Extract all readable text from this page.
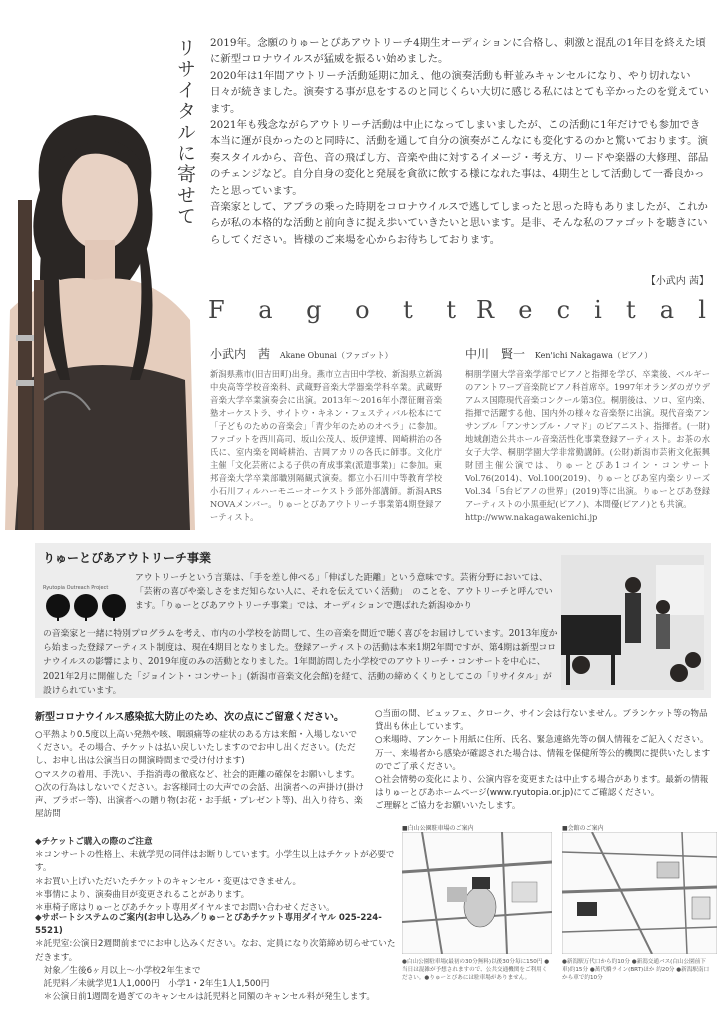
リサイタルに寄せて 2019年。念願のりゅーとぴあアウトリーチ4期生オーディションに合格し、刺激と混乱の1年目を終えた頃に新型コロナウイルスが猛威を振るい始めました。

2020年は1年間アウトリーチ活動延期に加え、他の演奏活動も軒並みキャンセルになり、やり切れない日々が続きました。演奏する事が息をするのと同じくらい大切に感じる私にはとても辛かったのを覚えています。

2021年も残念ながらアウトリーチ活動は中止になってしまいましたが、この活動に1年だけでも参加でき本当に運が良かったのと同時に、活動を通して自分の演奏がこんなにも変化するのかと驚いております。演奏スタイルから、音色、音の飛ばし方、音楽や曲に対するイメージ・考え方、リードや楽器の大修理、部品のチェンジなど。自分自身の変化と発展を貪欲に飲する様になれた事は、4期生として活動して一番良かったと思っています。

音楽家として、アブラの乗った時期をコロナウイルスで逃してしまったと思った時もありましたが、これからが私の本格的な活動と前向きに捉え歩いていきたいと思います。是非、そんな私のファゴットを聴きにいらしてください。皆様のご来場を心からお待ちしております。

【小武内 茜】
F a g o t t R e c i t a l
小武内　茜 Akane Obunai（ファゴット）
新潟県燕市(旧吉田町)出身。燕市立吉田中学校、新潟県立新潟中央高等学校音楽科、武蔵野音楽大学器楽学科卒業。武蔵野音楽大学卒業演奏会に出演。2013年〜2016年小澤征爾音楽塾オーケストラ、サイトウ・キネン・フェスティバル松本にて「子どものための音楽会」「青少年のためのオペラ」に参加。ファゴットを西川高司、坂山公茂人、坂伊達博、岡崎耕治の各氏に、室内楽を岡崎耕治、吉岡アカリの各氏に師事。文化庁主催「文化芸術による子供の育成事業(派遣事業)」に参加。東邦音楽大学卒業部職別隔観式演奏。都立小石川中等教育学校小石川フィルハーモニーオーケストラ部外部講師。新潟ARS NOVAメンバー。りゅーとぴあアウトリーチ事業第4期登録アーティスト。
中川　賢一 Ken'ichi Nakagawa（ピアノ）
桐朋学園大学音楽学部でピアノと指揮を学び、卒業後、ベルギーのアントワープ音楽院ピアノ科首席卒。1997年オランダのガウデアムス国際現代音楽コンクール第3位。桐朋後は、ソロ、室内楽、指揮で活躍する他、国内外の様々な音楽祭に出演。現代音楽アンサンブル「アンサンブル・ノマド」のピアニスト、指揮者。(一財)地域創造公共ホール音楽活性化事業登録アーティスト。お茶の水女子大学、桐朋学園大学非常勤講師。(公財)新潟市芸術文化振興財団主催公演では、りゅーとぴあ1コイン・コンサートVol.76(2014)、Vol.100(2019)、りゅーとぴあ室内楽シリーズVol.34「5台ピアノの世界」(2019)等に出演。りゅーとぴあ登録アーティストの小黒亜紀(ピアノ)、本間優(ピアノ)とも共演。
http://www.nakagawakenichi.jp
りゅーとぴあアウトリーチ事業
Ryutopia Outreach Project
アウトリーチという言葉は、「手を差し伸べる」「伸ばした距離」という意味です。芸術分野においては、「芸術の喜びや楽しさをまだ知らない人に、それを伝えていく活動」　のことを、アウトリーチと呼んでいます。「りゅーとぴあアウトリーチ事業」では、オーディションで選ばれた新潟ゆかり
の音楽家と一緒に特別プログラムを考え、市内の小学校を訪問して、生の音楽を間近で聴く喜びをお届けしています。2013年度から始まった登録アーティスト制度は、現在4期目となりました。登録アーティストの活動は本来1期2年間ですが、第4期は新型コロナウイルスの影響により、2019年度のみの活動となりました。1年間訪問した小学校でのアウトリーチ・コンサートを中心に、2021年2月に開催した「ジョイント・コンサート」(新潟市音楽文化会館)を経て、活動の締めくくりとしてこの「リサイタル」が設けられています。
新型コロナウイルス感染拡大防止のため、次の点にご留意ください。
○平熱より0.5度以上高い発熱や咳、咽頭痛等の症状のある方は来館・入場しないでください。その場合、チケットは払い戻しいたしますのでお申し出ください。(ただし、お申し出は公演当日の開演時間まで受け付けます)
○マスクの着用、手洗い、手指消毒の徹底など、社会的距離の確保をお願いします。
○次の行為はしないでください。お客様同士の大声での会話、出演者への声掛け(掛け声、ブラボー等)、出演者への贈り物(お花・お手紙・プレゼント等)、出入り待ち、楽屋訪問
○当面の間、ビュッフェ、クローク、サイン会は行ないません。ブランケット等の物品貸出も休止しています。
○来場時、アンケート用紙に住所、氏名、緊急連絡先等の個人情報をご記入ください。万一、来場者から感染が確認された場合は、情報を保健所等公的機関に提供いたしますのでご了承ください。
○社会情勢の変化により、公演内容を変更または中止する場合があります。最新の情報はりゅーとぴあホームページ(www.ryutopia.or.jp)にてご確認ください。
ご理解とご協力をお願いいたします。
◆チケットご購入の際のご注意
＊コンサートの性格上、未就学児の同伴はお断りしています。小学生以上はチケットが必要です。
＊お買い上げいただいたチケットのキャンセル・変更はできません。
＊事情により、演奏曲目が変更されることがあります。
＊車椅子席はりゅーとぴあチケット専用ダイヤルまでお問い合わせください。
◆サポートシステムのご案内(お申し込み／りゅーとぴあチケット専用ダイヤル 025-224-5521)
＊託児室:公演日2週間前までにお申し込みください。なお、定員になり次第締め切らせていただきます。
　対象／生後6ヶ月以上〜小学校2年生まで
　託児料／未就学児1人1,000円　小学1・2年生1人1,500円
　＊公演日前1週間を過ぎてのキャンセルは託児料と同額のキャンセル料が発生します。
■白山公園駐車場のご案内
●白山公園駐車場(最初の30分無料)以後30分毎に150円 ●当日は混雑が予想されますので、公共交通機関をご利用ください。●りゅーとぴあには駐車場がありません。
■会館のご案内
●新潟駅万代口から約10分 ●新潟交通バス(白山公園前下車)約15分 ●萬代橋ライン(BRT)ほか 約20分 ●新潟駅南口から車で約10分
